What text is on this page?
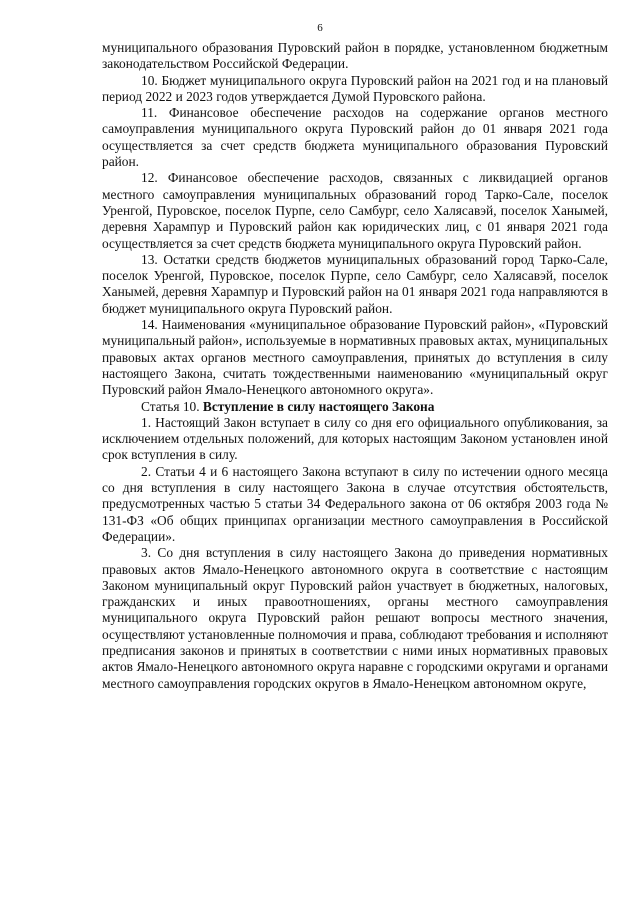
6

муниципального образования Пуровский район в порядке, установленном бюджетным законодательством Российской Федерации.

10. Бюджет муниципального округа Пуровский район на 2021 год и на плановый период 2022 и 2023 годов утверждается Думой Пуровского района.

11. Финансовое обеспечение расходов на содержание органов местного самоуправления муниципального округа Пуровский район до 01 января 2021 года осуществляется за счет средств бюджета муниципального образования Пуровский район.

12. Финансовое обеспечение расходов, связанных с ликвидацией органов местного самоуправления муниципальных образований город Тарко-Сале, поселок Уренгой, Пуровское, поселок Пурпе, село Самбург, село Халясавэй, поселок Ханымей, деревня Харампур и Пуровский район как юридических лиц, с 01 января 2021 года осуществляется за счет средств бюджета муниципального округа Пуровский район.

13. Остатки средств бюджетов муниципальных образований город Тарко-Сале, поселок Уренгой, Пуровское, поселок Пурпе, село Самбург, село Халясавэй, поселок Ханымей, деревня Харампур и Пуровский район на 01 января 2021 года направляются в бюджет муниципального округа Пуровский район.

14. Наименования «муниципальное образование Пуровский район», «Пуровский муниципальный район», используемые в нормативных правовых актах, муниципальных правовых актах органов местного самоуправления, принятых до вступления в силу настоящего Закона, считать тождественными наименованию «муниципальный округ Пуровский район Ямало-Ненецкого автономного округа».

Статья 10. Вступление в силу настоящего Закона

1. Настоящий Закон вступает в силу со дня его официального опубликования, за исключением отдельных положений, для которых настоящим Законом установлен иной срок вступления в силу.

2. Статьи 4 и 6 настоящего Закона вступают в силу по истечении одного месяца со дня вступления в силу настоящего Закона в случае отсутствия обстоятельств, предусмотренных частью 5 статьи 34 Федерального закона от 06 октября 2003 года № 131-ФЗ «Об общих принципах организации местного самоуправления в Российской Федерации».

3. Со дня вступления в силу настоящего Закона до приведения нормативных правовых актов Ямало-Ненецкого автономного округа в соответствие с настоящим Законом муниципальный округ Пуровский район участвует в бюджетных, налоговых, гражданских и иных правоотношениях, органы местного самоуправления муниципального округа Пуровский район решают вопросы местного значения, осуществляют установленные полномочия и права, соблюдают требования и исполняют предписания законов и принятых в соответствии с ними иных нормативных правовых актов Ямало-Ненецкого автономного округа наравне с городскими округами и органами местного самоуправления городских округов в Ямало-Ненецком автономном округе,
